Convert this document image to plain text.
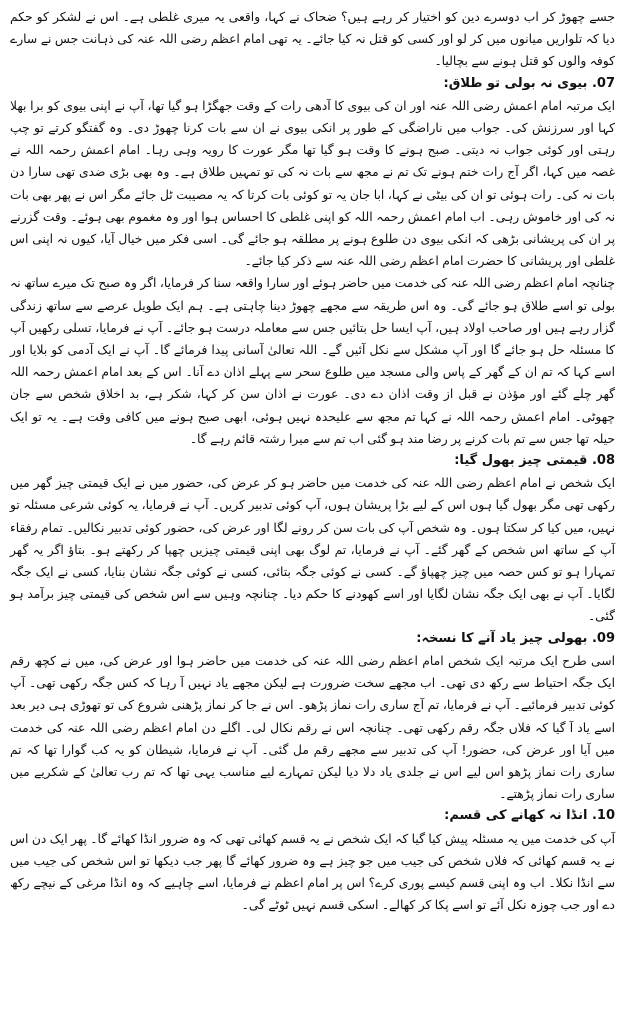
جسے چھوڑ کر اب دوسرے دین کو اختیار کر رہے ہیں؟ ضحاک نے کہا، واقعی یہ میری غلطی ہے۔ اس نے لشکر کو حکم دیا کہ تلواریں میانوں میں کر لو اور کسی کو قتل نہ کیا جائے۔ یہ تھی امام اعظم رضی اللہ عنہ کی ذہانت جس نے سارے کوفہ والوں کو قتل ہونے سے بچالیا۔

07. بیوی نہ بولی تو طلاق:

ایک مرتبہ امام اعمش رضی اللہ عنہ اور ان کی بیوی کا آدھی رات کے وقت جھگڑا ہو گیا تھا، آپ نے اپنی بیوی کو برا بھلا کہا اور سرزنش کی۔ جواب میں ناراضگی کے طور پر انکی بیوی نے ان سے بات کرنا چھوڑ دی۔ وہ گفتگو کرتے تو چپ رہتی اور کوئی جواب نہ دیتی۔ صبح ہونے کا وقت ہو گیا تھا مگر عورت کا رویہ وہی رہا۔ امام اعمش رحمہ اللہ نے غصہ میں کہا، اگر آج رات ختم ہونے تک تم نے مجھ سے بات نہ کی تو تمہیں طلاق ہے۔ وہ بھی بڑی ضدی تھی سارا دن بات نہ کی۔ رات ہوئی تو ان کی بیٹی نے کہا، ابا جان یہ تو کوئی بات کرتا کہ یہ مصیبت ٹل جائے مگر اس نے پھر بھی بات نہ کی اور خاموش رہی۔ اب امام اعمش رحمہ اللہ کو اپنی غلطی کا احساس ہوا اور وہ مغموم بھی ہوئے۔ وقت گزرنے پر ان کی پریشانی بڑھی کہ انکی بیوی دن طلوع ہونے پر مطلقہ ہو جائے گی۔ اسی فکر میں خیال آیا، کیوں نہ اپنی اس غلطی اور پریشانی کا حضرت امام اعظم رضی اللہ عنہ سے ذکر کیا جائے۔

چنانچہ امام اعظم رضی اللہ عنہ کی خدمت میں حاضر ہوئے اور سارا واقعہ سنا کر فرمایا، اگر وہ صبح تک میرے ساتھ نہ بولی تو اسے طلاق ہو جائے گی۔ وہ اس طریقہ سے مجھے چھوڑ دینا چاہتی ہے۔ ہم ایک طویل عرصے سے ساتھ زندگی گزار رہے ہیں اور صاحب اولاد ہیں، آپ ایسا حل بتائیں جس سے معاملہ درست ہو جائے۔ آپ نے فرمایا، تسلی رکھیں آپ کا مسئلہ حل ہو جائے گا اور آپ مشکل سے نکل آئیں گے۔ اللہ تعالیٰ آسانی پیدا فرمائے گا۔ آپ نے ایک آدمی کو بلایا اور اسے کہا کہ تم ان کے گھر کے پاس والی مسجد میں طلوع سحر سے پہلے اذان دے آنا۔ اس کے بعد امام اعمش رحمہ اللہ گھر چلے گئے اور مؤذن نے قبل از وقت اذان دے دی۔ عورت نے اذان سن کر کہا، شکر ہے، بد اخلاق شخص سے جان چھوٹی۔ امام اعمش رحمہ اللہ نے کہا تم مجھ سے علیحدہ نہیں ہوئی، ابھی صبح ہونے میں کافی وقت ہے۔ یہ تو ایک حیلہ تھا جس سے تم بات کرنے پر رضا مند ہو گئی اب تم سے میرا رشتہ قائم رہے گا۔

08. قیمتی چیز بھول گیا:

ایک شخص نے امام اعظم رضی اللہ عنہ کی خدمت میں حاضر ہو کر عرض کی، حضور میں نے ایک قیمتی چیز گھر میں رکھی تھی مگر بھول گیا ہوں اس کے لیے بڑا پریشان ہوں، آپ کوئی تدبیر کریں۔ آپ نے فرمایا، یہ کوئی شرعی مسئلہ تو نہیں، میں کیا کر سکتا ہوں۔ وہ شخص آپ کی بات سن کر رونے لگا اور عرض کی، حضور کوئی تدبیر نکالیں۔ تمام رفقاء آپ کے ساتھ اس شخص کے گھر گئے۔ آپ نے فرمایا، تم لوگ بھی اپنی قیمتی چیزیں چھپا کر رکھتے ہو۔ بتاؤ اگر یہ گھر تمہارا ہو تو کس حصہ میں چیز چھپاؤ گے۔ کسی نے کوئی جگہ بتائی، کسی نے کوئی جگہ نشان بنایا، کسی نے ایک جگہ لگایا۔ آپ نے بھی ایک جگہ نشان لگایا اور اسے کھودنے کا حکم دیا۔ چنانچہ وہیں سے اس شخص کی قیمتی چیز برآمد ہو گئی۔

09. بھولی چیز یاد آنے کا نسخہ:

اسی طرح ایک مرتبہ ایک شخص امام اعظم رضی اللہ عنہ کی خدمت میں حاضر ہوا اور عرض کی، میں نے کچھ رقم ایک جگہ احتیاط سے رکھ دی تھی۔ اب مجھے سخت ضرورت ہے لیکن مجھے یاد نہیں آ رہا کہ کس جگہ رکھی تھی۔ آپ کوئی تدبیر فرمائیے۔ آپ نے فرمایا، تم آج ساری رات نماز پڑھو۔ اس نے جا کر نماز پڑھنی شروع کی تو تھوڑی ہی دیر بعد اسے یاد آ گیا کہ فلاں جگہ رقم رکھی تھی۔ چنانچہ اس نے رقم نکال لی۔ اگلے دن امام اعظم رضی اللہ عنہ کی خدمت میں آیا اور عرض کی، حضور! آپ کی تدبیر سے مجھے رقم مل گئی۔ آپ نے فرمایا، شیطان کو یہ کب گوارا تھا کہ تم ساری رات نماز پڑھو اس لیے اس نے جلدی یاد دلا دیا لیکن تمہارے لیے مناسب یہی تھا کہ تم رب تعالیٰ کے شکریے میں ساری رات نماز پڑھتے۔

10. انڈا نہ کھانے کی قسم:

آپ کی خدمت میں یہ مسئلہ پیش کیا گیا کہ ایک شخص نے یہ قسم کھائی تھی کہ وہ ضرور انڈا کھائے گا۔ پھر ایک دن اس نے یہ قسم کھائی کہ فلاں شخص کی جیب میں جو چیز ہے وہ ضرور کھائے گا پھر جب دیکھا تو اس شخص کی جیب میں سے انڈا نکلا۔ اب وہ اپنی قسم کیسے پوری کرے؟ اس پر امام اعظم نے فرمایا، اسے چاہیے کہ وہ انڈا مرغی کے نیچے رکھ دے اور جب چوزہ نکل آئے تو اسے پکا کر کھالے۔ اسکی قسم نہیں ٹوٹے گی۔
